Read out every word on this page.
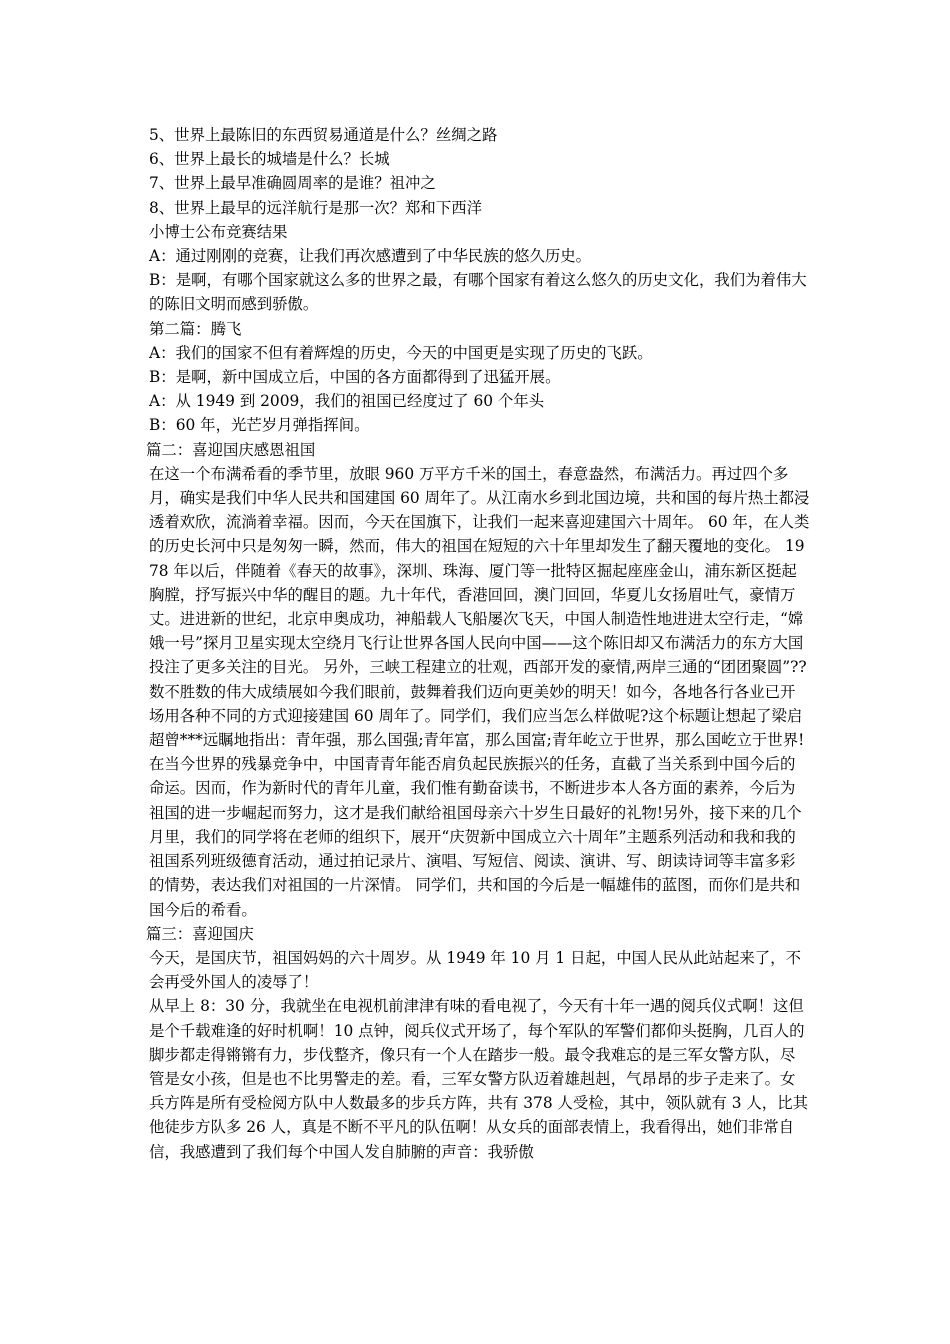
5、世界上最陈旧的东西贸易通道是什么？丝绸之路

6、世界上最长的城墙是什么？长城

7、世界上最早准确圆周率的是谁？祖冲之

8、世界上最早的远洋航行是那一次？郑和下西洋

小博士公布竞赛结果

A：通过刚刚的竞赛，让我们再次感遭到了中华民族的悠久历史。

B：是啊，有哪个国家就这么多的世界之最，有哪个国家有着这么悠久的历史文化，我们为着伟大的陈旧文明而感到骄傲。

第二篇：腾飞

A：我们的国家不但有着辉煌的历史，今天的中国更是实现了历史的飞跃。

B：是啊，新中国成立后，中国的各方面都得到了迅猛开展。

A：从 1949 到 2009，我们的祖国已经度过了 60 个年头

B：60 年，光芒岁月弹指挥间。

篇二：喜迎国庆感恩祖国

在这一个布满希看的季节里，放眼 960 万平方千米的国土，春意盎然，布满活力。再过四个多月，确实是我们中华人民共和国建国 60 周年了。从江南水乡到北国边境，共和国的每片热土都浸透着欢欣，流淌着幸福。因而，今天在国旗下，让我们一起来喜迎建国六十周年。 60 年，在人类的历史长河中只是匆匆一瞬，然而，伟大的祖国在短短的六十年里却发生了翻天覆地的变化。 1978 年以后，伴随着《春天的故事》，深圳、珠海、厦门等一批特区掘起座座金山，浦东新区挺起胸膛，抒写振兴中华的醒目的题。九十年代，香港回回，澳门回回，华夏儿女扬眉吐气，豪情万丈。进进新的世纪，北京申奥成功，神船载人飞船屡次飞天，中国人制造性地进进太空行走，“嫦娥一号”探月卫星实现太空绕月飞行让世界各国人民向中国——这个陈旧却又布满活力的东方大国投注了更多关注的目光。 另外，三峡工程建立的壮观，西部开发的豪情,两岸三通的“团团聚圆”??数不胜数的伟大成绩展如今我们眼前，鼓舞着我们迈向更美妙的明天！如今，各地各行各业已开场用各种不同的方式迎接建国 60 周年了。同学们，我们应当怎么样做呢?这个标题让想起了梁启超曾***远瞩地指出：青年强，那么国强;青年富，那么国富;青年屹立于世界，那么国屹立于世界!在当今世界的残暴竞争中，中国青青年能否肩负起民族振兴的任务，直截了当关系到中国今后的命运。因而，作为新时代的青年儿童，我们惟有勤奋读书，不断进步本人各方面的素养，今后为祖国的进一步崛起而努力，这才是我们献给祖国母亲六十岁生日最好的礼物!另外，接下来的几个月里，我们的同学将在老师的组织下，展开“庆贺新中国成立六十周年”主题系列活动和我和我的祖国系列班级德育活动，通过拍记录片、演唱、写短信、阅读、演讲、写、朗读诗词等丰富多彩的情势，表达我们对祖国的一片深情。 同学们，共和国的今后是一幅雄伟的蓝图，而你们是共和国今后的希看。

篇三：喜迎国庆

今天，是国庆节，祖国妈妈的六十周岁。从 1949 年 10 月 1 日起，中国人民从此站起来了，不会再受外国人的凌辱了！

从早上 8：30 分，我就坐在电视机前津津有味的看电视了，今天有十年一遇的阅兵仪式啊！这但是个千载难逢的好时机啊！10 点钟，阅兵仪式开场了，每个军队的军警们都仰头挺胸，几百人的脚步都走得锵锵有力，步伐整齐，像只有一个人在踏步一般。最令我难忘的是三军女警方队，尽管是女小孩，但是也不比男警走的差。看，三军女警方队迈着雄赳赳，气昂昂的步子走来了。女兵方阵是所有受检阅方队中人数最多的步兵方阵，共有 378 人受检，其中，领队就有 3 人，比其他徒步方队多 26 人，真是不断不平凡的队伍啊！从女兵的面部表情上，我看得出，她们非常自信，我感遭到了我们每个中国人发自肺腑的声音：我骄傲
